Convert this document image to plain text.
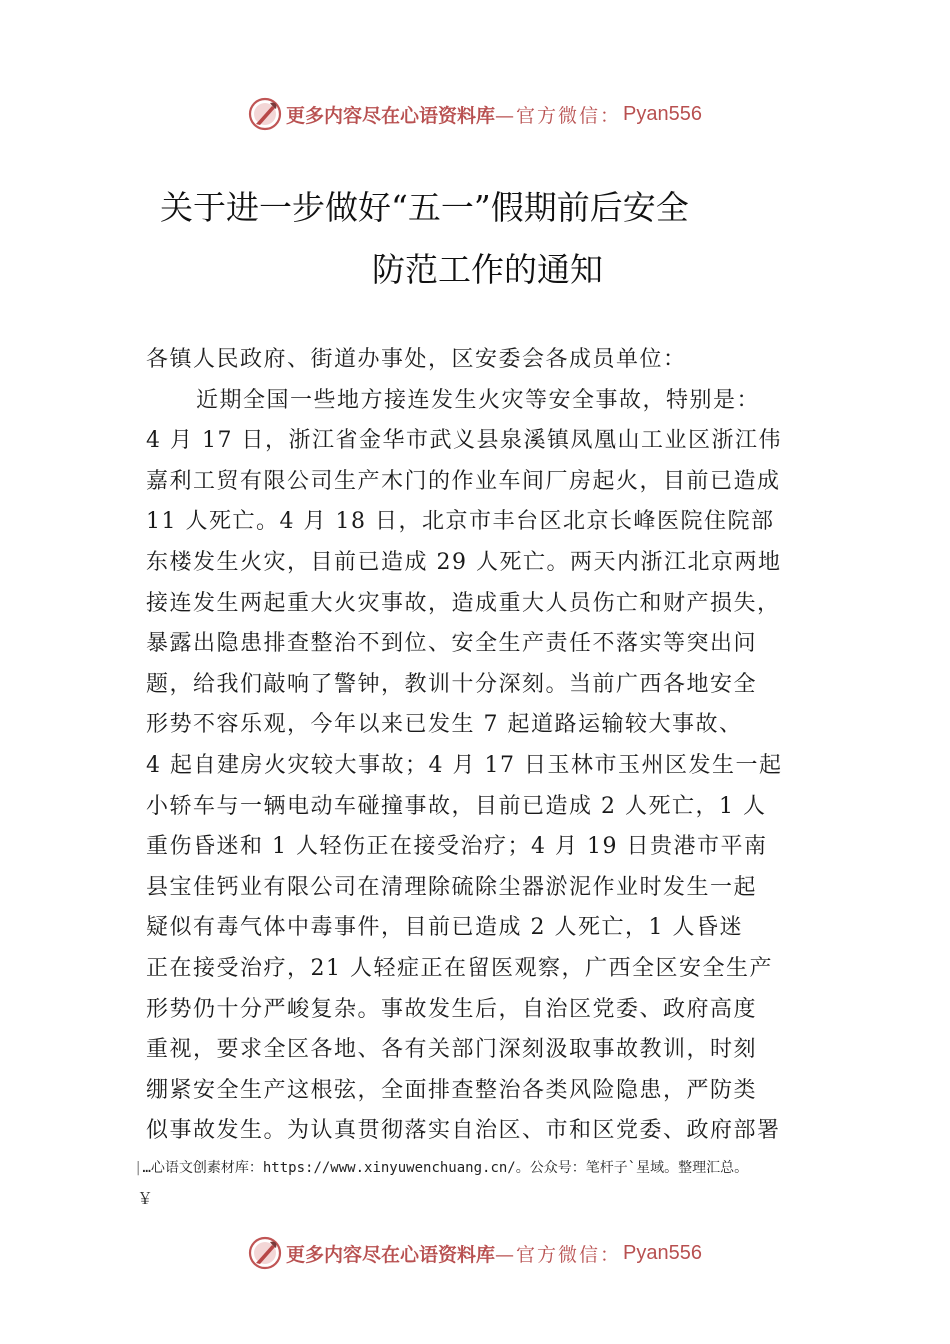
更多内容尽在心语资料库 —官方微信： Pyan556
关于进一步做好“五一”假期前后安全
防范工作的通知
各镇人民政府、街道办事处，区安委会各成员单位：
近期全国一些地方接连发生火灾等安全事故，特别是：
4 月 17 日，浙江省金华市武义县泉溪镇凤凰山工业区浙江伟
嘉利工贸有限公司生产木门的作业车间厂房起火，目前已造成
11 人死亡。4 月 18 日，北京市丰台区北京长峰医院住院部
东楼发生火灾，目前已造成 29 人死亡。两天内浙江北京两地
接连发生两起重大火灾事故，造成重大人员伤亡和财产损失，
暴露出隐患排查整治不到位、安全生产责任不落实等突出问
题，给我们敲响了警钟，教训十分深刻。当前广西各地安全
形势不容乐观，今年以来已发生 7 起道路运输较大事故、
4 起自建房火灾较大事故；4 月 17 日玉林市玉州区发生一起
小轿车与一辆电动车碰撞事故，目前已造成 2 人死亡，1 人
重伤昏迷和 1 人轻伤正在接受治疗；4 月 19 日贵港市平南
县宝佳钙业有限公司在清理除硫除尘器淤泥作业时发生一起
疑似有毒气体中毒事件，目前已造成 2 人死亡，1 人昏迷
正在接受治疗，21 人轻症正在留医观察，广西全区安全生产
形势仍十分严峻复杂。事故发生后，自治区党委、政府高度
重视，要求全区各地、各有关部门深刻汲取事故教训，时刻
绷紧安全生产这根弦，全面排查整治各类风险隐患，严防类
似事故发生。为认真贯彻落实自治区、市和区党委、政府部署
|…心语文创素材库：https://www.xinyuwenchuang.cn/。公众号：笔杆子`星域。整理汇总。
￥
更多内容尽在心语资料库 —官方微信： Pyan556
